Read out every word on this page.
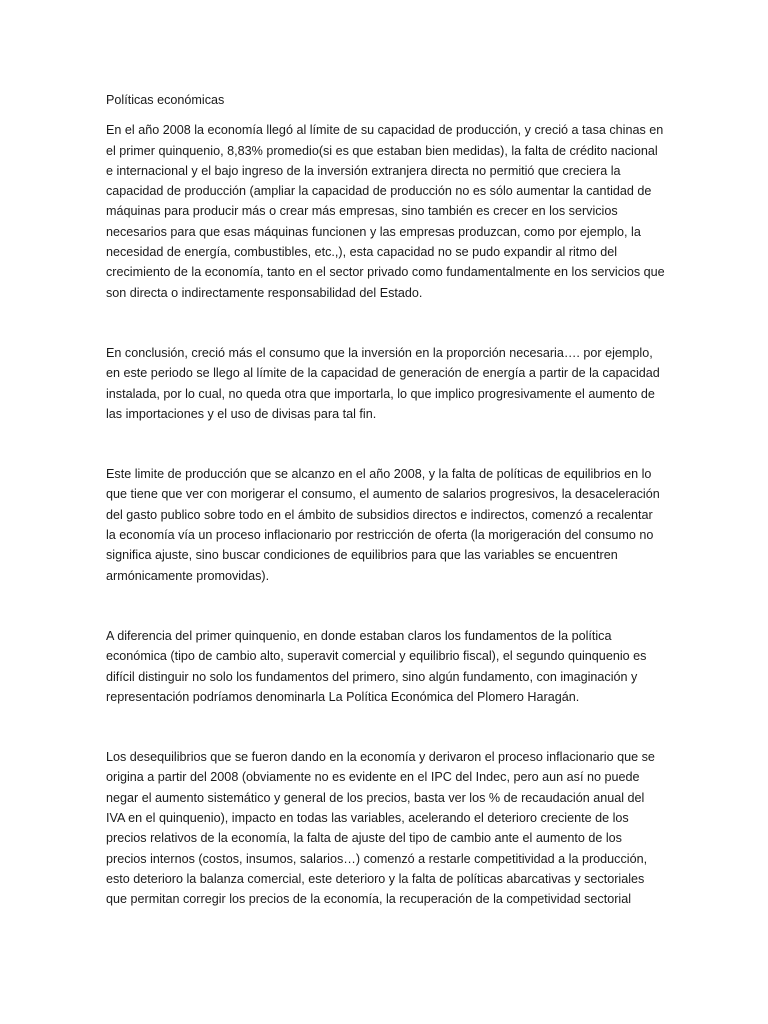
Políticas económicas

En el año 2008 la economía llegó al límite de su capacidad de producción, y creció a tasa chinas en el primer quinquenio, 8,83% promedio(si es que estaban bien medidas), la falta de crédito nacional e internacional y el bajo ingreso de la inversión extranjera directa no permitió que creciera la capacidad de producción (ampliar la capacidad de producción no es sólo aumentar la cantidad de máquinas para producir más o crear más empresas, sino también es crecer en los servicios necesarios para que esas máquinas funcionen y las empresas produzcan, como por ejemplo, la necesidad de energía, combustibles, etc.,), esta capacidad no se pudo expandir al ritmo del crecimiento de la economía, tanto en el sector privado como fundamentalmente en los servicios que son directa o indirectamente responsabilidad del Estado.

En conclusión, creció más el consumo que la inversión en la proporción necesaria…. por ejemplo, en este periodo se llego al límite de la capacidad de generación de energía a partir de la capacidad instalada, por lo cual, no queda otra que importarla, lo que implico progresivamente el aumento de las importaciones y el uso de divisas para tal fin.

Este limite de producción que se alcanzo en el año 2008, y la falta de políticas de equilibrios en lo que tiene que ver con morigerar el consumo, el aumento de salarios progresivos, la desaceleración del gasto publico sobre todo en el ámbito de subsidios directos e indirectos, comenzó a recalentar la economía vía un proceso inflacionario por restricción de oferta (la morigeración del consumo no significa ajuste, sino buscar condiciones de equilibrios para que las variables se encuentren armónicamente promovidas).

A diferencia del primer quinquenio, en donde estaban claros los fundamentos de la política económica (tipo de cambio alto, superavit comercial y equilibrio fiscal), el segundo quinquenio es difícil distinguir no solo los fundamentos del primero, sino algún fundamento, con imaginación y representación podríamos denominarla La Política Económica del Plomero Haragán.

Los desequilibrios que se fueron dando en la economía y derivaron el proceso inflacionario que se origina a partir del 2008 (obviamente no es evidente en el IPC del Indec, pero aun así no puede negar el aumento sistemático y general de los precios, basta ver los % de recaudación anual del IVA en el quinquenio), impacto en todas las variables, acelerando el deterioro creciente de los precios relativos de la economía, la falta de ajuste del tipo de cambio ante el aumento de los precios internos (costos, insumos, salarios…) comenzó a restarle competitividad a la producción, esto deterioro la balanza comercial, este deterioro y la falta de políticas abarcativas y sectoriales que permitan corregir los precios de la economía, la recuperación de la competividad sectorial
